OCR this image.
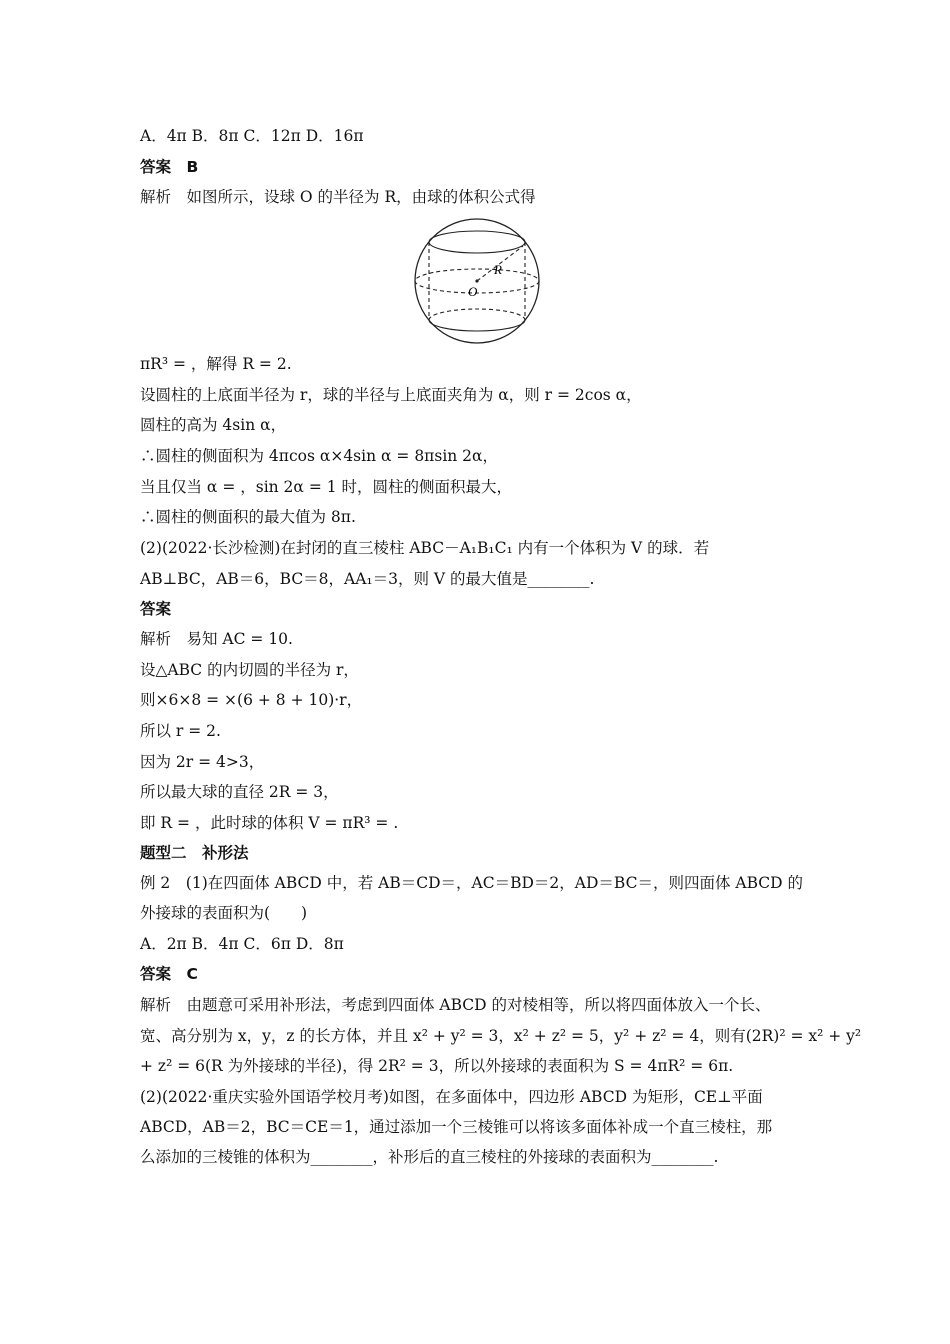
A．4π B．8π C．12π D．16π
答案　B
解析　如图所示，设球 O 的半径为 R，由球的体积公式得
R
O
πR³ = ，解得 R = 2.
设圆柱的上底面半径为 r，球的半径与上底面夹角为 α，则 r = 2cos α，
圆柱的高为 4sin α，
∴圆柱的侧面积为 4πcos α×4sin α = 8πsin 2α，
当且仅当 α = ，sin 2α = 1 时，圆柱的侧面积最大，
∴圆柱的侧面积的最大值为 8π.
(2)(2022·长沙检测)在封闭的直三棱柱 ABC－A₁B₁C₁ 内有一个体积为 V 的球．若
AB⊥BC，AB＝6，BC＝8，AA₁＝3，则 V 的最大值是________.
答案
解析　易知 AC = 10.
设△ABC 的内切圆的半径为 r，
则×6×8 = ×(6 + 8 + 10)·r，
所以 r = 2.
因为 2r = 4>3，
所以最大球的直径 2R = 3，
即 R = ，此时球的体积 V = πR³ = .
题型二　补形法
例 2　(1)在四面体 ABCD 中，若 AB＝CD＝，AC＝BD＝2，AD＝BC＝，则四面体 ABCD 的
外接球的表面积为(　　)
A．2π B．4π C．6π D．8π
答案　C
解析　由题意可采用补形法，考虑到四面体 ABCD 的对棱相等，所以将四面体放入一个长、
宽、高分别为 x，y，z 的长方体，并且 x² + y² = 3，x² + z² = 5，y² + z² = 4，则有(2R)² = x² + y²
+ z² = 6(R 为外接球的半径)，得 2R² = 3，所以外接球的表面积为 S = 4πR² = 6π.
(2)(2022·重庆实验外国语学校月考)如图，在多面体中，四边形 ABCD 为矩形，CE⊥平面
ABCD，AB＝2，BC＝CE＝1，通过添加一个三棱锥可以将该多面体补成一个直三棱柱，那
么添加的三棱锥的体积为________，补形后的直三棱柱的外接球的表面积为________.
